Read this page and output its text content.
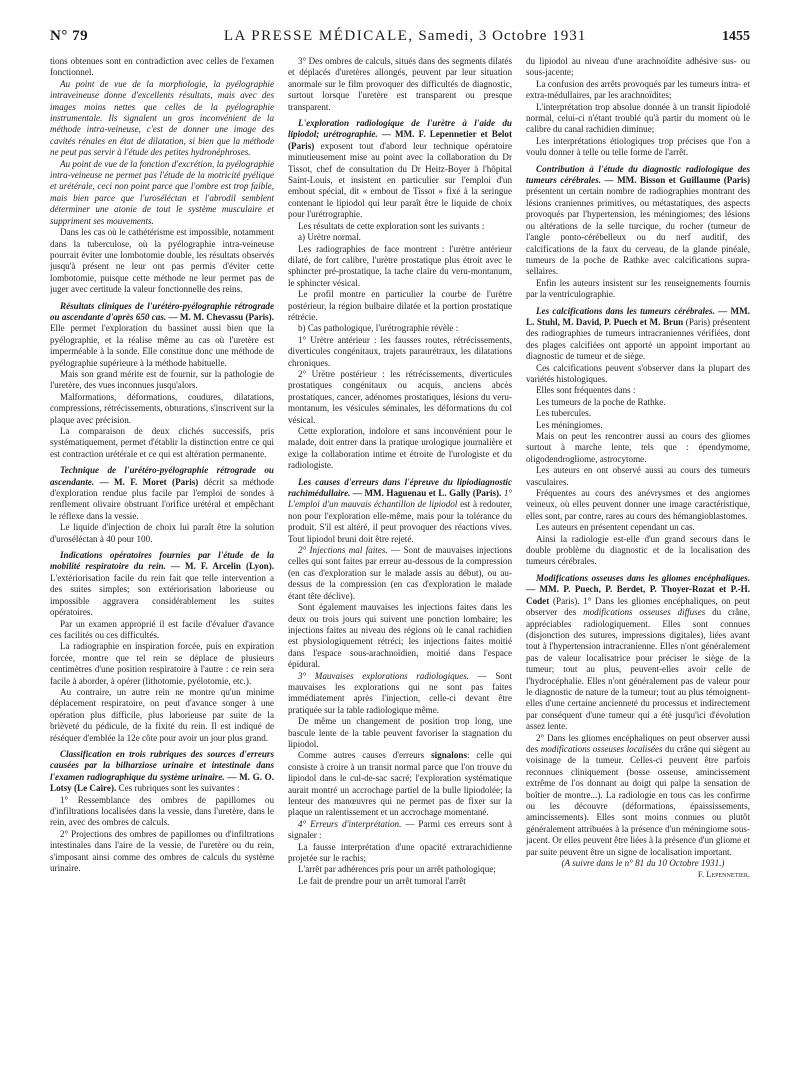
N° 79	LA PRESSE MÉDICALE, Samedi, 3 Octobre 1931	1455

tions obtenues sont en contradiction avec celles de l'examen fonctionnel.

Au point de vue de la morphologie, la pyélographie intraveineuse donne d'excellents résultats, mais avec des images moins nettes que celles de la pyélographie instrumentale. Ils signalent un gros inconvénient de la méthode intra-veineuse, c'est de donner une image des cavités rénales en état de dilatation, si bien que la méthode ne peut pas servir à l'étude des petites hydronéphroses.

Au point de vue de la fonction d'excrétion, la pyélographie intra-veineuse ne permet pas l'étude de la motricité pyélique et urétérale, ceci non point parce que l'ombre est trop faible, mais bien parce que l'uroséléctan et l'abrodil semblent déterminer une atonie de tout le système musculaire et suppriment ses mouvements.

Dans les cas où le cathétérisme est impossible, notamment dans la tuberculose, où la pyélographie intra-veineuse pourrait éviter une lombotomie double, les résultats observés jusqu'à présent ne leur ont pas permis d'éviter cette lombotomie, puisque cette méthode ne leur permet pas de juger avec certitude la valeur fonctionnelle des reins.

Résultats cliniques de l'urétéro-pyélographie rétrograde ou ascendante d'après 650 cas. — M. M. Chevassu (Paris). Elle permet l'exploration du bassinet aussi bien que la pyélographie, et la réalise même au cas où l'uretère est imperméable à la sonde. Elle constitue donc une méthode de pyélographie supérieure à la méthode habituelle.

Mais son grand mérite est de fournir, sur la pathologie de l'uretère, des vues inconnues jusqu'alors.

Malformations, déformations, coudures, dilatations, compressions, rétrécissements, obturations, s'inscrivent sur la plaque avec précision.

La comparaison de deux clichés successifs, pris systématiquement, permet d'établir la distinction entre ce qui est contraction urétérale et ce qui est altération permanente.

Technique de l'urétéro-pyélographie rétrograde ou ascendante. — M. F. Moret (Paris) décrit sa méthode d'exploration rendue plus facile par l'emploi de sondes à renflement olivaire obstruant l'orifice urétéral et empêchant le réflexe dans la vessie.

Le liquide d'injection de choix lui paraît être la solution d'uroséléctan à 40 pour 100.

Indications opératoires fournies par l'étude de la mobilité respiratoire du rein. — M. F. Arcelin (Lyon). L'extériorisation facile du rein fait que telle intervention a des suites simples; son extériorisation laborieuse ou impossible aggravera considérablement les suites opératoires.

Par un examen approprié il est facile d'évaluer d'avance ces facilités ou ces difficultés.

La radiographie en inspiration forcée, puis en expiration forcée, montre que tel rein se déplace de plusieurs centimètres d'une position respiratoire à l'autre : ce rein sera facile à aborder, à opérer (lithotomie, pyélotomie, etc.).

Au contraire, un autre rein ne montre qu'un minime déplacement respiratoire, on peut d'avance songer à une opération plus difficile, plus laborieuse par suite de la brièveté du pédicule, de la fixité du rein. Il est indiqué de réséquer d'emblée la 12e côte pour avoir un jour plus grand.

Classification en trois rubriques des sources d'erreurs causées par la bilharziose urinaire et intestinale dans l'examen radiographique du système urinaire. — M. G. O. Lotsy (Le Caire). Ces rubriques sont les suivantes :

1° Ressemblance des ombres de papillomes ou d'infiltrations localisées dans la vessie, dans l'uretère, dans le rein, avec des ombres de calculs.

2° Projections des ombres de papillomes ou d'infiltrations intestinales dans l'aire de la vessie, de l'uretère ou du rein, s'imposant ainsi comme des ombres de calculs du système urinaire.

3° Des ombres de calculs, situés dans des segments dilatés et déplacés d'uretères allongés, peuvent par leur situation anormale sur le film provoquer des difficultés de diagnostic, surtout lorsque l'uretère est transparent ou presque transparent.

L'exploration radiologique de l'urètre à l'aide du lipiodol; urétrographie. — MM. F. Lepennetier et Belot (Paris) exposent tout d'abord leur technique opératoire minutieusement mise au point avec la collaboration du Dr Tissot, chef de consultation du Dr Heitz-Boyer à l'hôpital Saint-Louis, et insistent en particulier sur l'emploi d'un embout spécial, dit « embout de Tissot » fixé à la seringue contenant le lipiodol qui leur paraît être le liquide de choix pour l'urétrographie.

Les résultats de cette exploration sont les suivants :

a) Urètre normal.

Les radiographies de face montrent : l'urètre antérieur dilaté, de fort calibre, l'urètre prostatique plus étroit avec le sphincter pré-prostatique, la tache claire du veru-montanum, le sphincter vésical.

Le profil montre en particulier la courbe de l'urètre postérieur, la région bulbaire dilatée et la portion prostatique rétrécie.

b) Cas pathologique, l'urétrographie révèle :

1° Urètre antérieur : les fausses routes, rétrécissements, diverticules congénitaux, trajets paraurétraux, les dilatations chroniques.

2° Urètre postérieur : les rétrécissements, diverticules prostatiques congénitaux ou acquis, anciens abcès prostatiques, cancer, adénomes prostatiques, lésions du veru-montanum, les vésicules séminales, les déformations du col vésical.

Cette exploration, indolore et sans inconvénient pour le malade, doit entrer dans la pratique urologique journalière et exige la collaboration intime et étroite de l'urologiste et du radiologiste.

Les causes d'erreurs dans l'épreuve du lipiodiagnostic rachimédullaire. — MM. Haguenau et L. Gally (Paris). 1° L'emploi d'un mauvais échantillon de lipiodol est à redouter, non pour l'exploration elle-même, mais pour la tolérance du produit. S'il est altéré, il peut provoquer des réactions vives. Tout lipiodol bruni doit être rejeté.

2° Injections mal faites. — Sont de mauvaises injections celles qui sont faites par erreur au-dessous de la compression (en cas d'exploration sur le malade assis au début), ou au-dessus de la compression (en cas d'exploration le malade étant tête déclive).

Sont également mauvaises les injections faites dans les deux ou trois jours qui suivent une ponction lombaire; les injections faites au niveau des régions où le canal rachidien est physiologiquement rétréci; les injections faites moitié dans l'espace sous-arachnoïdien, moitié dans l'espace épidural.

3° Mauvaises explorations radiologiques. — Sont mauvaises les explorations qui ne sont pas faites immédiatement après l'injection, celle-ci devant être pratiquée sur la table radiologique même.

De même un changement de position trop long, une bascule lente de la table peuvent favoriser la stagnation du lipiodol.

Comme autres causes d'erreurs signalons: celle qui consiste à croire à un transit normal parce que l'on trouve du lipiodol dans le cul-de-sac sacré; l'exploration systématique aurait montré un accrochage partiel de la bulle lipiodolée; la lenteur des manœuvres qui ne permet pas de fixer sur la plaque un ralentissement et un accrochage momentané.

4° Erreurs d'interprétation. — Parmi ces erreurs sont à signaler :

La fausse interprétation d'une opacité extrarachidienne projetée sur le rachis;

L'arrêt par adhérences pris pour un arrêt pathologique;

Le fait de prendre pour un arrêt tumoral l'arrêt

du lipiodol au niveau d'une arachnoïdite adhésive sus- ou sous-jacente;

La confusion des arrêts provoqués par les tumeurs intra- et extra-médullaires, par les arachnoïdites;

L'interprétation trop absolue donnée à un transit lipiodolé normal, celui-ci n'étant troublé qu'à partir du moment où le calibre du canal rachidien diminue;

Les interprétations étiologiques trop précises que l'on a voulu donner à telle ou telle forme de l'arrêt.

Contribution à l'étude du diagnostic radiologique des tumeurs cérébrales. — MM. Bisson et Guillaume (Paris) présentent un certain nombre de radiographies montrant des lésions craniennes primitives, ou métastatiques, des aspects provoqués par l'hypertension, les méningiomes; des lésions ou altérations de la selle turcique, du rocher (tumeur de l'angle ponto-cérébelleux ou du nerf auditif, des calcifications de la faux du cerveau, de la glande pinéale, tumeurs de la poche de Rathke avec calcifications supra-sellaires.

Enfin les auteurs insistent sur les renseignements fournis par la ventriculographie.

Les calcifications dans les tumeurs cérébrales. — MM. L. Stuhl, M. David, P. Puech et M. Brun (Paris) présentent des radiographies de tumeurs intracraniennes vérifiées, dont des plages calcifiées ont apporté un appoint important au diagnostic de tumeur et de siège.

Ces calcifications peuvent s'observer dans la plupart des variétés histologiques.

Elles sont fréquentes dans :

Les tumeurs de la poche de Rathke.

Les tubercules.

Les méningiomes.

Mais on peut les rencontrer aussi au cours des gliomes surtout à marche lente, tels que : épendymome, oligodendrogliome, astrocytome.

Les auteurs en ont observé aussi au cours des tumeurs vasculaires.

Fréquentes au cours des anévrysmes et des angiomes veineux, où elles peuvent donner une image caractéristique, elles sont, par contre, rares au cours des hémangioblastomes.

Les auteurs en présentent cependant un cas.

Ainsi la radiologie est-elle d'un grand secours dans le double problème du diagnostic et de la localisation des tumeurs cérébrales.

Modifications osseuses dans les gliomes encéphaliques. — MM. P. Puech, P. Berdet, P. Thoyer-Rozat et P.-H. Codet (Paris). 1° Dans les gliomes encéphaliques, on peut observer des modifications osseuses diffuses du crâne, appréciables radiologiquement. Elles sont connues (disjonction des sutures, impressions digitales), liées avant tout à l'hypertension intracranienne. Elles n'ont généralement pas de valeur localisatrice pour préciser le siège de la tumeur; tout au plus, peuvent-elles avoir celle de l'hydrocéphalie. Elles n'ont généralement pas de valeur pour le diagnostic de nature de la tumeur; tout au plus témoignent-elles d'une certaine ancienneté du processus et indirectement par conséquent d'une tumeur qui a été jusqu'ici d'évolution assez lente.

2° Dans les gliomes encéphaliques on peut observer aussi des modifications osseuses localisées du crâne qui siègent au voisinage de la tumeur. Celles-ci peuvent être parfois reconnues cliniquement (bosse osseuse, amincissement extrême de l'os donnant au doigt qui palpe la sensation de boîtier de montre...). La radiologie en tous cas les confirme ou les découvre (déformations, épaississements, amincissements). Elles sont moins connues ou plutôt généralement attribuées à la présence d'un méningiome sous-jacent. Or elles peuvent être liées à la présence d'un gliome et par suite peuvent être un signe de localisation important.

(A suivre dans le n° 81 du 10 Octobre 1931.)

F. Lepennetier.
